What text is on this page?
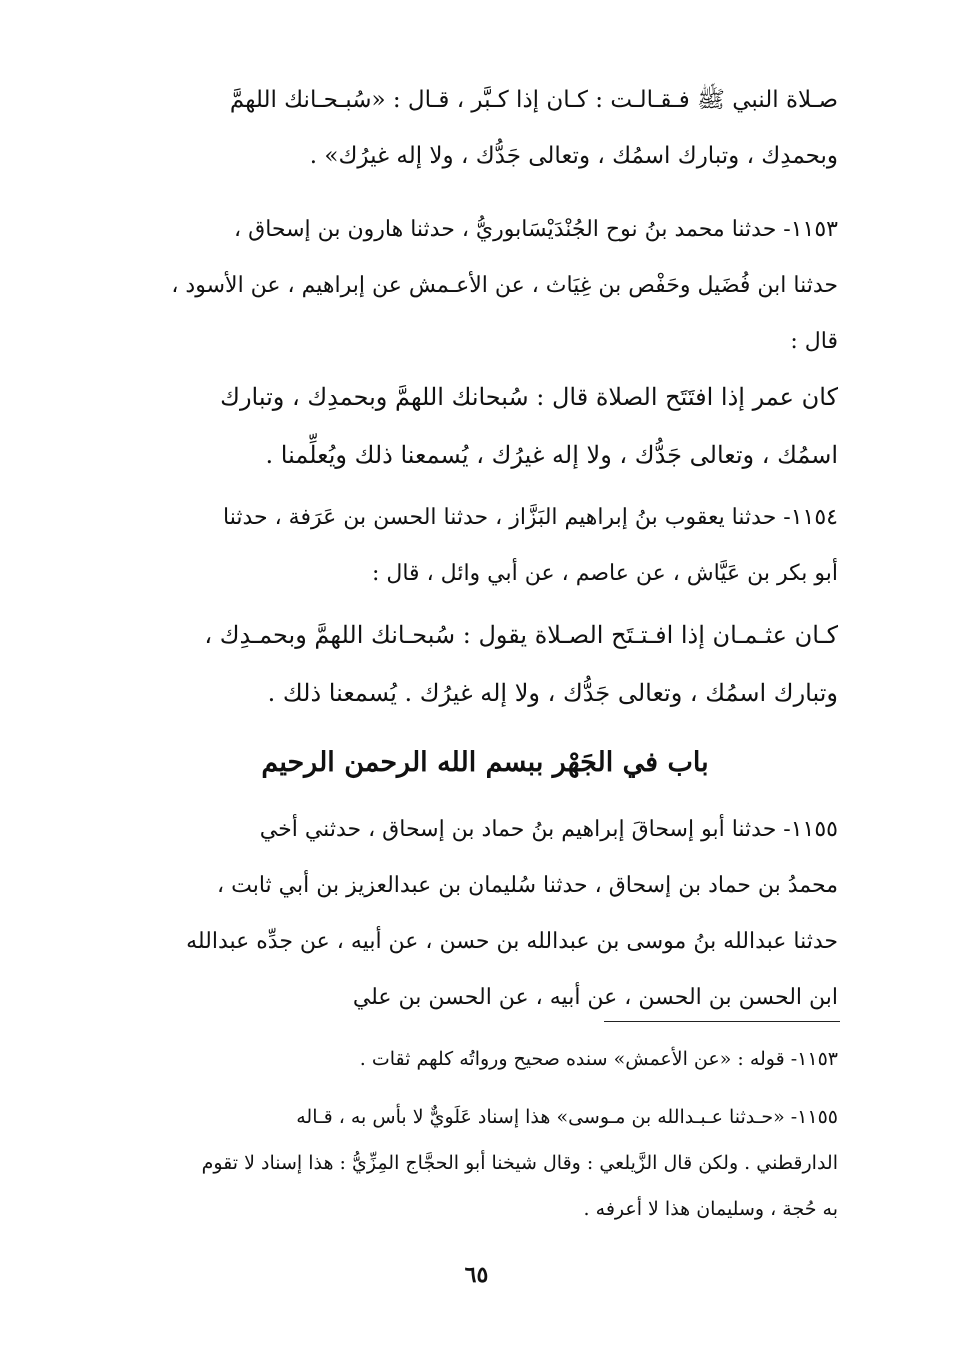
صـلاة النبي ﷺ فـقـالـت : كـان إذا كـبَّر ، قـال : «سُبـحـانك اللهمَّ
وبحمدِك ، وتبارك اسمُك ، وتعالى جَدُّك ، ولا إله غيرُك» .
١١٥٣- حدثنا محمد بنُ نوح الجُنْدَيْسَابوريُّ ، حدثنا هارون بن إسحاق ،
حدثنا ابن فُضَيل وحَفْص بن غِيَاث ، عن الأعـمش عن إبراهيم ، عن الأسود ،
قال :
كان عمر إذا افتَتَح الصلاة قال : سُبحانك اللهمَّ وبحمدِك ، وتبارك
اسمُك ، وتعالى جَدُّك ، ولا إله غيرُك ، يُسمعنا ذلك ويُعلِّمنا .
١١٥٤- حدثنا يعقوب بنُ إبراهيم البَزَّاز ، حدثنا الحسن بن عَرَفة ، حدثنا
أبو بكر بن عَيَّاش ، عن عاصم ، عن أبي وائل ، قال :
كـان عثـمـان إذا افـتـتَح الصـلاة يقول : سُبحـانك اللهمَّ وبحمـدِك ،
وتبارك اسمُك ، وتعالى جَدُّك ، ولا إله غيرُك . يُسمعنا ذلك .
باب في الجَهْر ببسم الله الرحمن الرحيم
١١٥٥- حدثنا أبو إسحاقَ إبراهيم بنُ حماد بن إسحاق ، حدثني أخي
محمدُ بن حماد بن إسحاق ، حدثنا سُليمان بن عبدالعزيز بن أبي ثابت ،
حدثنا عبدالله بنُ موسى بن عبدالله بن حسن ، عن أبيه ، عن جدِّه عبدالله
ابن الحسن بن الحسن ، عن أبيه ، عن الحسن بن علي
١١٥٣- قوله : «عن الأعمش» سنده صحيح ورواتُه كلهم ثقات .
١١٥٥- «حـدثنا عـبـدالله بن مـوسى» هذا إسناد عَلَويٌّ لا بأس به ، قـاله
الدارقطني . ولكن قال الزَّيلعي : وقال شيخنا أبو الحجَّاج المِزِّيُّ : هذا إسناد لا تقوم
به حُجة ، وسليمان هذا لا أعرفه .
٦٥
